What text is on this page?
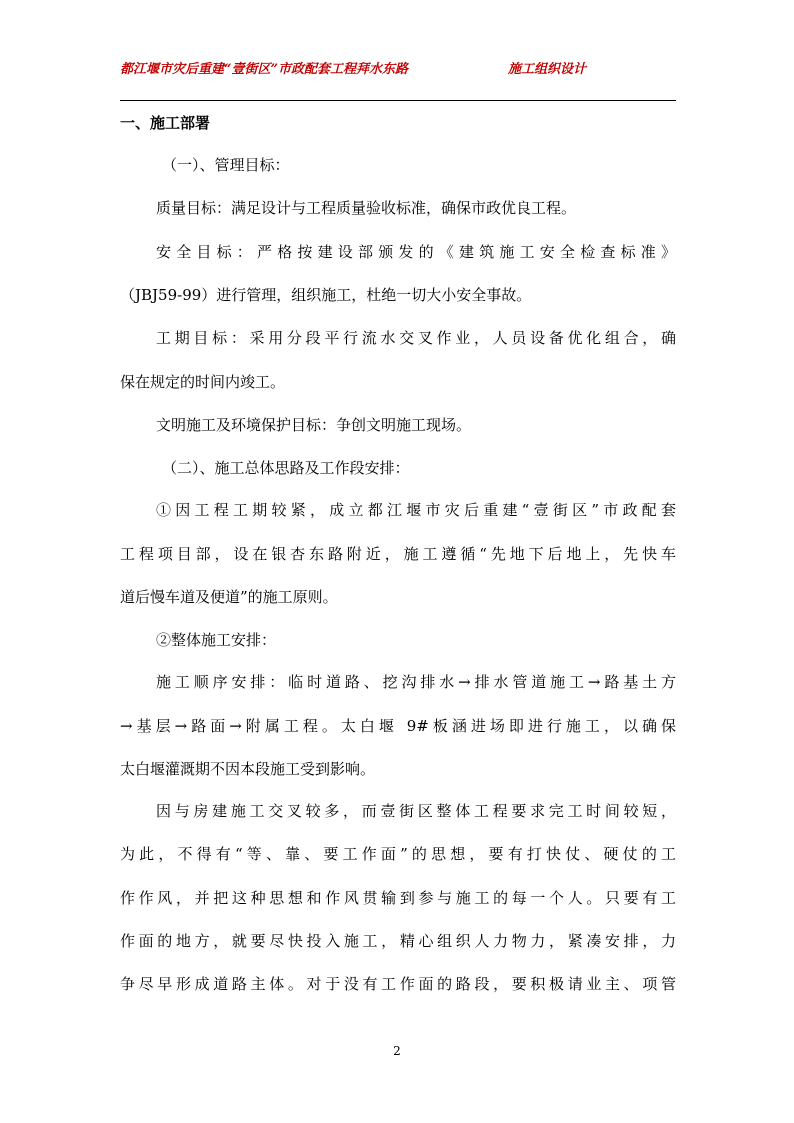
都江堰市灾后重建“壹街区”市政配套工程拜水东路	施工组织设计
一、施工部署
（一）、管理目标：
质量目标：满足设计与工程质量验收标准，确保市政优良工程。
安全目标：严格按建设部颁发的《建筑施工安全检查标准》
（JBJ59-99）进行管理，组织施工，杜绝一切大小安全事故。
工期目标：采用分段平行流水交叉作业，人员设备优化组合，确
保在规定的时间内竣工。
文明施工及环境保护目标：争创文明施工现场。
（二）、施工总体思路及工作段安排：
①因工程工期较紧，成立都江堰市灾后重建“壹街区”市政配套
工程项目部，设在银杏东路附近，施工遵循“先地下后地上，先快车
道后慢车道及便道”的施工原则。
②整体施工安排：
施工顺序安排：临时道路、挖沟排水→排水管道施工→路基土方
→基层→路面→附属工程。太白堰 9#板涵进场即进行施工，以确保
太白堰灌溉期不因本段施工受到影响。
因与房建施工交叉较多，而壹街区整体工程要求完工时间较短，
为此，不得有“等、靠、要工作面”的思想，要有打快仗、硬仗的工
作作风，并把这种思想和作风贯输到参与施工的每一个人。只要有工
作面的地方，就要尽快投入施工，精心组织人力物力，紧凑安排，力
争尽早形成道路主体。对于没有工作面的路段，要积极请业主、项管
2
